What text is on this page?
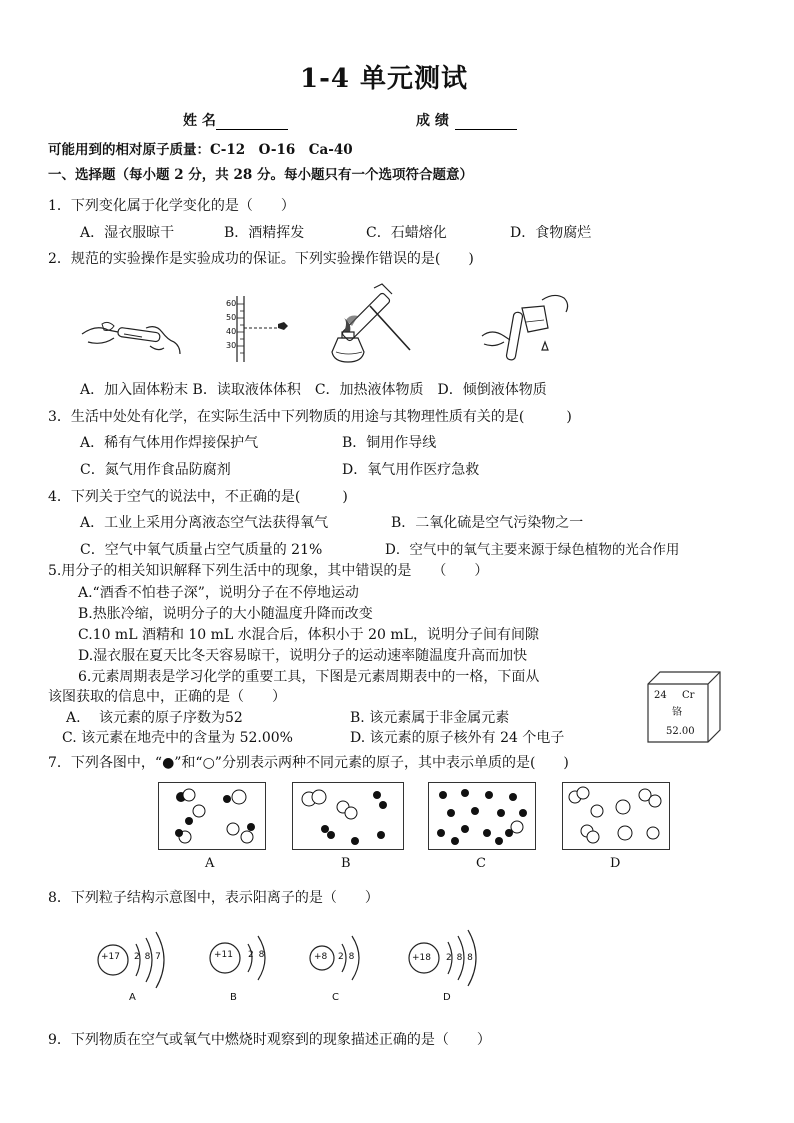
1-4 单元测试
姓 名	成 绩
可能用到的相对原子质量：C-12　O-16　Ca-40
一、选择题（每小题 2 分，共 28 分。每小题只有一个选项符合题意）
1．下列变化属于化学变化的是（　　）
A．湿衣服晾干	B．酒精挥发	C．石蜡熔化	D．食物腐烂
2．规范的实验操作是实验成功的保证。下列实验操作错误的是(　　)
60
50
40
30
A．加入固体粉末 B．读取液体体积　C．加热液体物质　D．倾倒液体物质
3．生活中处处有化学，在实际生活中下列物质的用途与其物理性质有关的是(　　　)
A．稀有气体用作焊接保护气	B．铜用作导线
C．氮气用作食品防腐剂	D．氧气用作医疗急救
4．下列关于空气的说法中，不正确的是(　　　)
A．工业上采用分离液态空气法获得氧气	B．二氧化硫是空气污染物之一
C．空气中氧气质量占空气质量的 21%	D．空气中的氧气主要来源于绿色植物的光合作用
5.用分子的相关知识解释下列生活中的现象，其中错误的是　　（　　）
A.“酒香不怕巷子深”，说明分子在不停地运动
B.热胀冷缩，说明分子的大小随温度升降而改变
C.10 mL 酒精和 10 mL 水混合后，体积小于 20 mL，说明分子间有间隙
D.湿衣服在夏天比冬天容易晾干，说明分子的运动速率随温度升高而加快
6.元素周期表是学习化学的重要工具，下图是元素周期表中的一格，下面从
该图获取的信息中，正确的是（　　）
A.　 该元素的原子序数为52	B. 该元素属于非金属元素
C. 该元素在地壳中的含量为 52.00%	D. 该元素的原子核外有 24 个电子
24 Cr
铬
52.00
7．下列各图中，“●”和“○”分别表示两种不同元素的原子，其中表示单质的是(　　)
A	B	C	D
8．下列粒子结构示意图中，表示阳离子的是（　　）
+17 2 8 7
A
+11 2 8
B
+8 2 8
C
+18 2 8 8
D
9．下列物质在空气或氧气中燃烧时观察到的现象描述正确的是（　　）
